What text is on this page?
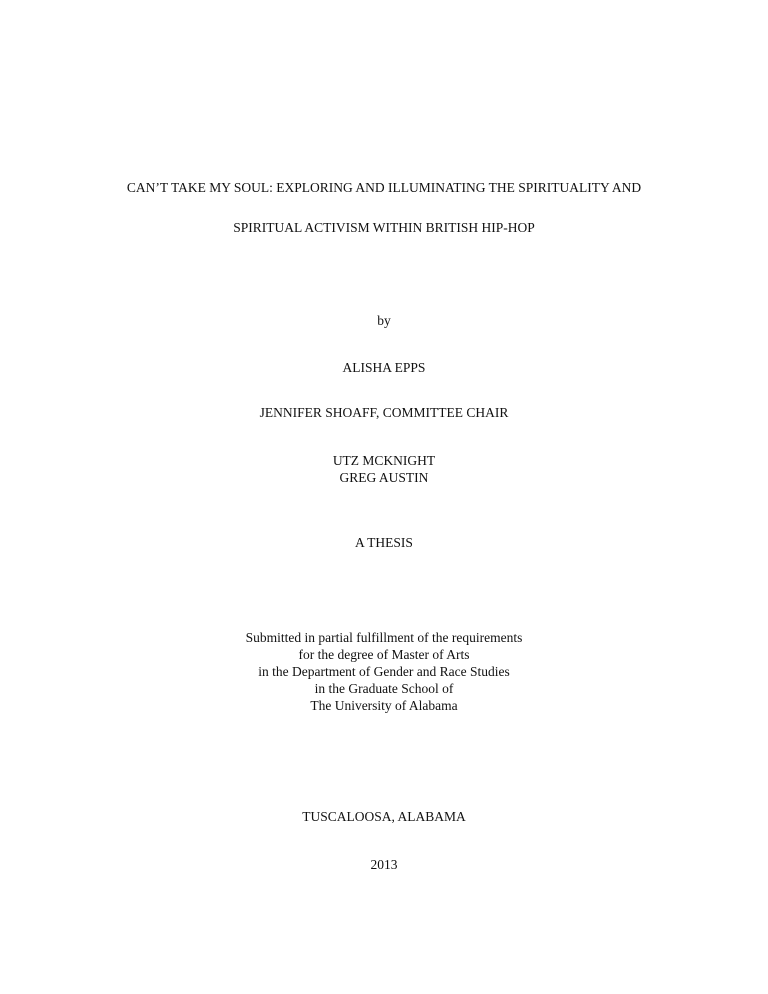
CAN’T TAKE MY SOUL: EXPLORING AND ILLUMINATING THE SPIRITUALITY AND
SPIRITUAL ACTIVISM WITHIN BRITISH HIP-HOP
by
ALISHA EPPS
JENNIFER SHOAFF, COMMITTEE CHAIR
UTZ MCKNIGHT
GREG AUSTIN
A THESIS
Submitted in partial fulfillment of the requirements
for the degree of Master of Arts
in the Department of Gender and Race Studies
in the Graduate School of
The University of Alabama
TUSCALOOSA, ALABAMA
2013
